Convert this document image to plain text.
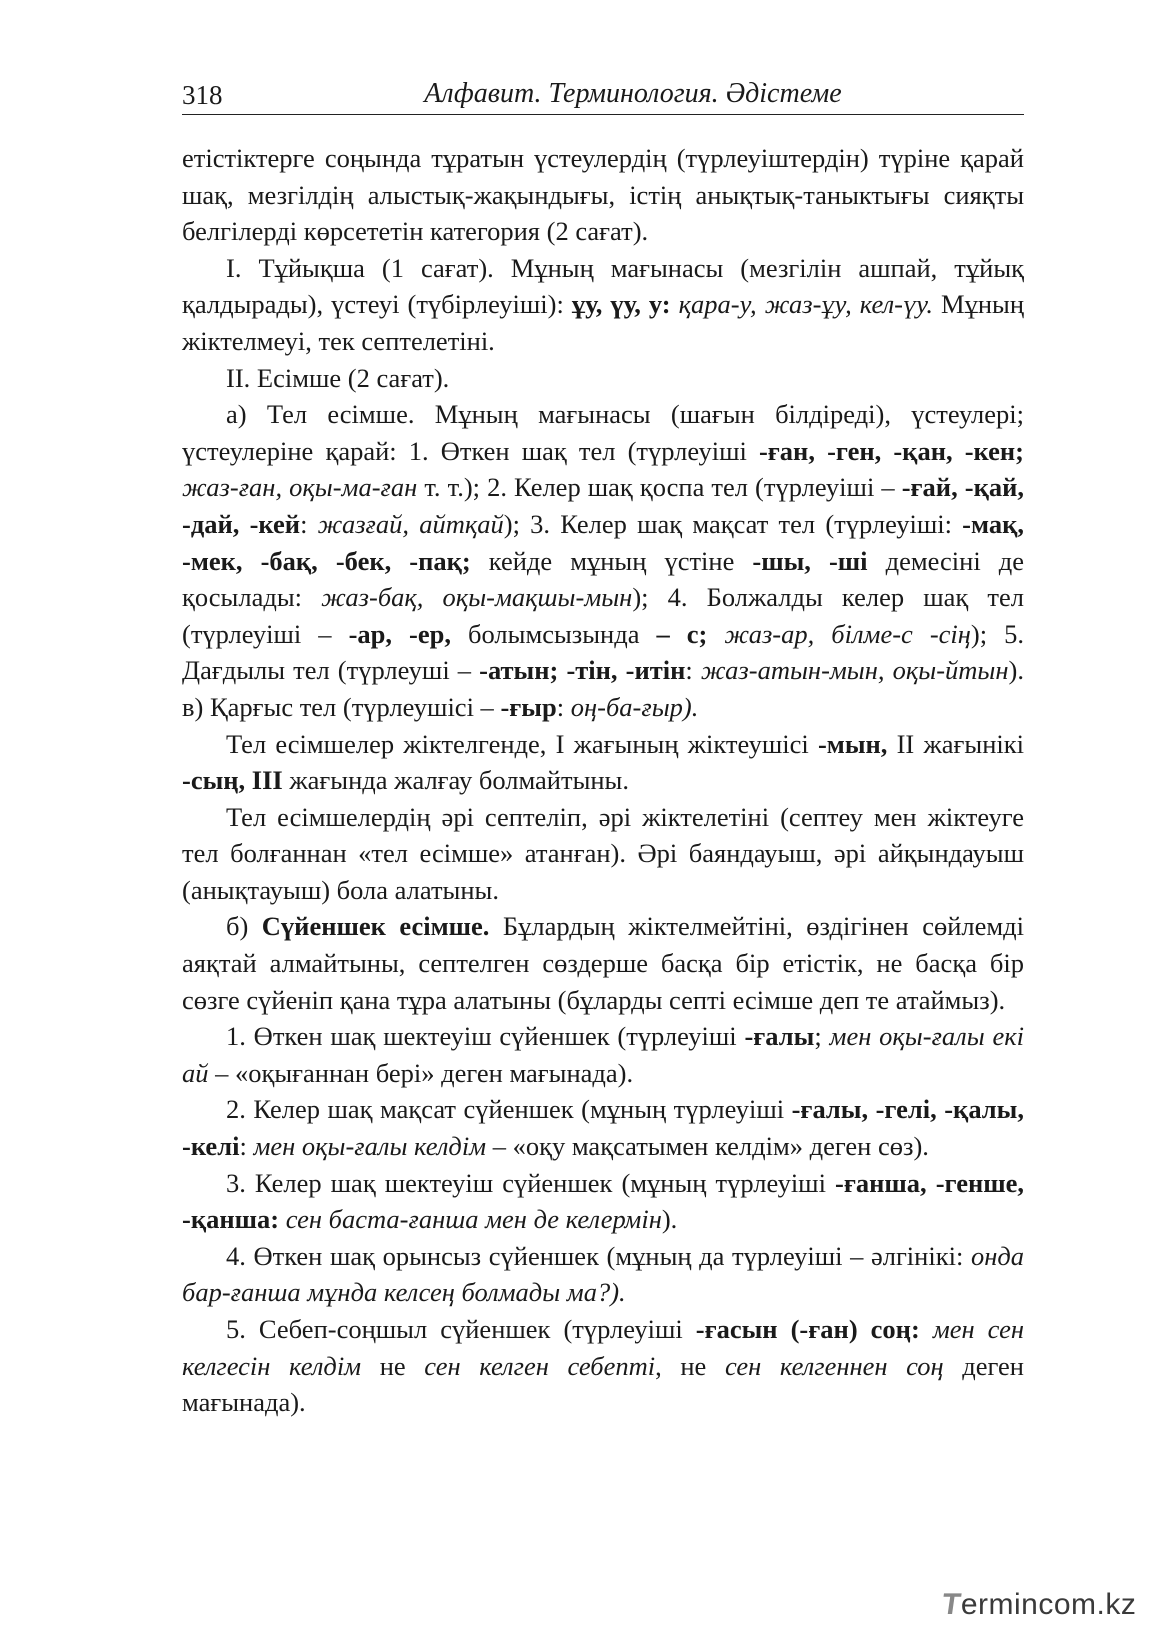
318	Алфавит. Терминология. Әдістеме

етістіктерге соңында тұратын үстеулердің (түрлеуіштердін) түріне қарай шақ, мезгілдің алыстық-жақындығы, істің анықтық-таныктығы сияқты белгілерді көрсететін категория (2 сағат).

I. Тұйықша (1 сағат). Мұның мағынасы (мезгілін ашпай, тұйық қалдырады), үстеуі (түбірлеуіші): ұу, үу, у: қара-у, жаз-ұу, кел-үу. Мұның жіктелмеуі, тек септелетіні.

II. Есімше (2 сағат).

а) Тел есімше. Мұның мағынасы (шағын білдіреді), үстеулері; үстеулеріне қарай: 1. Өткен шақ тел (түрлеуіші -ған, -ген, -қан, -кен; жаз-ған, оқы-ма-ған т. т.); 2. Келер шақ қоспа тел (түрлеуіші – -ғай, -қай, -дай, -кей: жазғай, айтқай); 3. Келер шақ мақсат тел (түрлеуіші: -мақ, -мек, -бақ, -бек, -пақ; кейде мұның үстіне -шы, -ші демесіні де қосылады: жаз-бақ, оқы-мақшы-мын); 4. Болжалды келер шақ тел (түрлеуіші – -ар, -ер, болымсызында – с; жаз-ар, білме-с -сің); 5. Дағдылы тел (түрлеуші – -атын; -тін, -итін: жаз-атын-мын, оқы-йтын). в) Қарғыс тел (түрлеушісі – -ғыр: оң-ба-ғыр).

Тел есімшелер жіктелгенде, I жағының жіктеушісі -мын, II жағынікі -сың, III жағында жалғау болмайтыны.

Тел есімшелердің әрі септеліп, әрі жіктелетіні (септеу мен жіктеуге тел болғаннан «тел есімше» атанған). Әрі баяндауыш, әрі айқындауыш (анықтауыш) бола алатыны.

б) Сүйеншек есімше. Бұлардың жіктелмейтіні, өздігінен сөйлемді аяқтай алмайтыны, септелген сөздерше басқа бір етістік, не басқа бір сөзге сүйеніп қана тұра алатыны (бұларды септі есімше деп те атаймыз).

1. Өткен шақ шектеуіш сүйеншек (түрлеуіші -ғалы; мен оқы-ғалы екі ай – «оқығаннан бері» деген мағынада).

2. Келер шақ мақсат сүйеншек (мұның түрлеуіші -ғалы, -гелі, -қалы, -келі: мен оқы-ғалы келдім – «оқу мақсатымен келдім» деген сөз).

3. Келер шақ шектеуіш сүйеншек (мұның түрлеуіші -ғанша, -генше, -қанша: сен баста-ғанша мен де келермін).

4. Өткен шақ орынсыз сүйеншек (мұның да түрлеуіші – әлгінікі: онда бар-ғанша мұнда келсең болмады ма?).

5. Себеп-соңшыл сүйеншек (түрлеуіші -ғасын (-ған) соң: мен сен келгесін келдім не сен келген себепті, не сен келгеннен соң деген мағынада).

Termincom.kz
